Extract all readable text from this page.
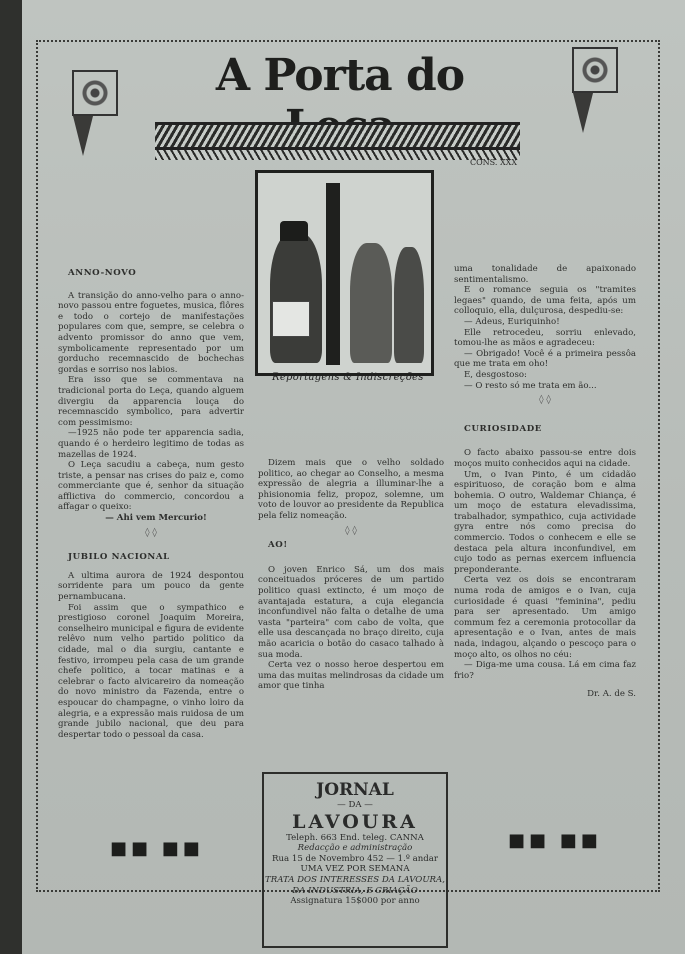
A Porta do
CONS. XXX
Reportagens & Indiscreções

ANNO-NOVO

A transição do anno-velho para o anno-novo passou entre foguetes, musica, flôres e todo o cortejo de manifestações populares com que, sempre, se celebra o advento promissor do anno que vem, symbolicamente representado por um gorducho recemnascido de bochechas gordas e sorriso nos labios.

Era isso que se commentava na tradicional porta do Leça, quando alguem divergiu da apparencia louça do recemnascido symbolico, para advertir com pessimismo:

—1925 não pode ter apparencia sadia, quando é o herdeiro legitimo de todas as mazellas de 1924.

O Leça sacudiu a cabeça, num gesto triste, a pensar nas crises do paiz e, como commerciante que é, senhor da situação afflictiva do commercio, concordou a affagar o queixo:

— Ahi vem Mercurio!

◊ ◊

JUBILO NACIONAL

A ultima aurora de 1924 despontou sorridente para um pouco da gente pernambucana.

Foi assim que o sympathico e prestigioso coronel Joaquim Moreira, conselheiro municipal e figura de evidente relêvo num velho partido politico da cidade, mal o dia surgiu, cantante e festivo, irrompeu pela casa de um grande chefe politico, a tocar matinas e a celebrar o facto alvicareiro da nomeação do novo ministro da Fazenda, entre o espoucar do champagne, o vinho loiro da alegria, e a expressão mais ruidosa de um grande jubilo nacional, que deu para despertar todo o pessoal da casa.

■■ ■■

Dizem mais que o velho soldado politico, ao chegar ao Conselho, a mesma expressão de alegria a illuminar-lhe a phisionomia feliz, propoz, solemne, um voto de louvor ao presidente da Republica pela feliz nomeação.

◊ ◊

AO!

O joven Enrico Sá, um dos mais conceituados próceres de um partido politico quasi extincto, é um moço de avantajada estatura, a cuja elegancia inconfundivel não falta o detalhe de uma vasta "parteira" com cabo de volta, que elle usa descançada no braço direito, cuja mão acaricia o botão do casaco talhado à sua moda.

Certa vez o nosso heroe despertou em uma das muitas melindrosas da cidade um amor que tinha

uma tonalidade de apaixonado sentimentalismo.

E o romance seguia os "tramites legaes" quando, de uma feita, após um colloquio, ella, dulçurosa, despediu-se:

— Adeus, Euriquinho!

Elle retrocedeu, sorriu enlevado, tomou-lhe as mãos e agradeceu:

— Obrigado! Você é a primeira pessôa que me trata em oho!

E, desgostoso:

— O resto só me trata em ão...

◊ ◊

CURIOSIDADE

O facto abaixo passou-se entre dois moços muito conhecidos aqui na cidade.

Um, o Ivan Pinto, é um cidadão espirituoso, de coração bom e alma bohemia. O outro, Waldemar Chiança, é um moço de estatura elevadissima, trabalhador, sympathico, cuja actividade gyra entre nós como precisa do commercio. Todos o conhecem e elle se destaca pela altura inconfundivel, em cujo todo as pernas exercem influencia preponderante.

Certa vez os dois se encontraram numa roda de amigos e o Ivan, cuja curiosidade é quasi "feminina", pediu para ser apresentado. Um amigo commum fez a ceremonia protocollar da apresentação e o Ivan, antes de mais nada, indagou, alçando o pescoço para o moço alto, os olhos no céu:

— Diga-me uma cousa. Lá em cima faz frio?

Dr. A. de S.
■■ ■■
JORNAL
— DA —
LAVOURA
Teleph. 663 End. teleg. CANNA
Redacção e administração
Rua 15 de Novembro 452 — 1.º andar
UMA VEZ POR SEMANA
TRATA DOS INTERESSES DA LAVOURA, DA INDUSTRIA, E CRIAÇÃO
Assignatura 15$000 por anno
